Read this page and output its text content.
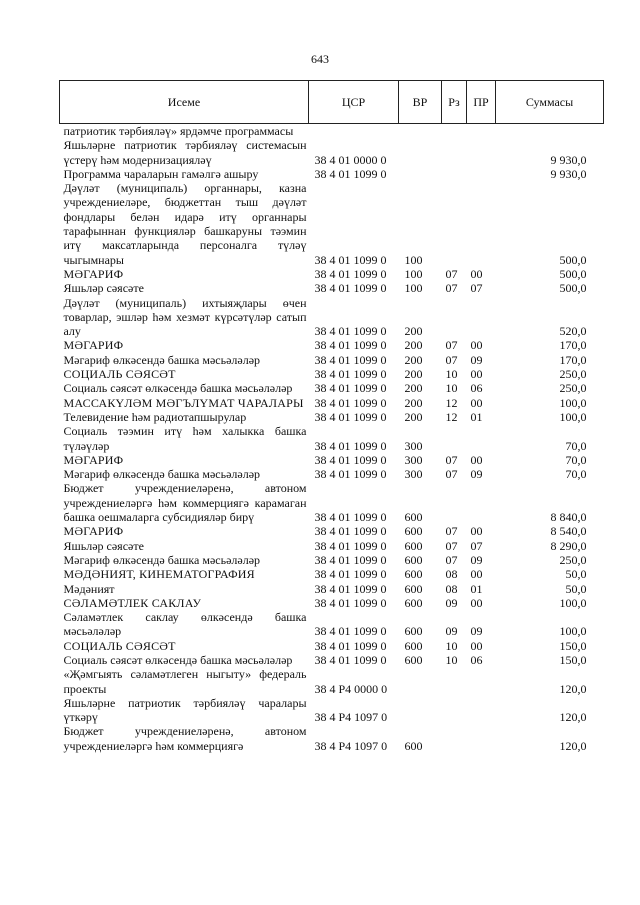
643
Исеме	ЦСР	ВР	Рз	ПР	Суммасы
патриотик тәрбияләү» ярдәмче программасы					
Яшьләрне патриотик тәрбияләү системасын үстерү һәм модернизацияләү	38 4 01 0000 0				9 930,0
Программа чараларын гамәлгә ашыру	38 4 01 1099 0				9 930,0
Дәүләт (муниципаль) органнары, казна учреждениеләре, бюджеттан тыш дәүләт фондлары белән идарә итү органнары тарафыннан функцияләр башкаруны тәэмин итү максатларында персоналга түләү чыгымнары	38 4 01 1099 0	100			500,0
МӘГАРИФ	38 4 01 1099 0	100	07	00	500,0
Яшьләр сәясәте	38 4 01 1099 0	100	07	07	500,0
Дәүләт (муниципаль) ихтыяҗлары өчен товарлар, эшләр һәм хезмәт күрсәтүләр сатып алу	38 4 01 1099 0	200			520,0
МӘГАРИФ	38 4 01 1099 0	200	07	00	170,0
Мәгариф өлкәсендә башка мәсьәләләр	38 4 01 1099 0	200	07	09	170,0
СОЦИАЛЬ СӘЯСӘТ	38 4 01 1099 0	200	10	00	250,0
Социаль сәясәт өлкәсендә башка мәсьәләләр	38 4 01 1099 0	200	10	06	250,0
МАССАКҮЛӘМ МӘГЪЛҮМАТ ЧАРАЛАРЫ	38 4 01 1099 0	200	12	00	100,0
Телевидение һәм радиотапшырулар	38 4 01 1099 0	200	12	01	100,0
Социаль тәэмин итү һәм халыкка башка түләүләр	38 4 01 1099 0	300			70,0
МӘГАРИФ	38 4 01 1099 0	300	07	00	70,0
Мәгариф өлкәсендә башка мәсьәләләр	38 4 01 1099 0	300	07	09	70,0
Бюджет учреждениеләренә, автоном учреждениеләргә һәм коммерциягә карамаган башка оешмаларга субсидияләр бирү	38 4 01 1099 0	600			8 840,0
МӘГАРИФ	38 4 01 1099 0	600	07	00	8 540,0
Яшьләр сәясәте	38 4 01 1099 0	600	07	07	8 290,0
Мәгариф өлкәсендә башка мәсьәләләр	38 4 01 1099 0	600	07	09	250,0
МӘДӘНИЯТ, КИНЕМАТОГРАФИЯ	38 4 01 1099 0	600	08	00	50,0
Мәдәният	38 4 01 1099 0	600	08	01	50,0
СӘЛАМӘТЛЕК САКЛАУ	38 4 01 1099 0	600	09	00	100,0
Сәламәтлек саклау өлкәсендә башка мәсьәләләр	38 4 01 1099 0	600	09	09	100,0
СОЦИАЛЬ СӘЯСӘТ	38 4 01 1099 0	600	10	00	150,0
Социаль сәясәт өлкәсендә башка мәсьәләләр	38 4 01 1099 0	600	10	06	150,0
«Җәмгыять сәламәтлеген ныгыту» федераль проекты	38 4 P4 0000 0				120,0
Яшьләрне патриотик тәрбияләү чаралары үткәрү	38 4 P4 1097 0				120,0
Бюджет учреждениеләренә, автоном учреждениеләргә һәм коммерциягә	38 4 P4 1097 0	600			120,0
